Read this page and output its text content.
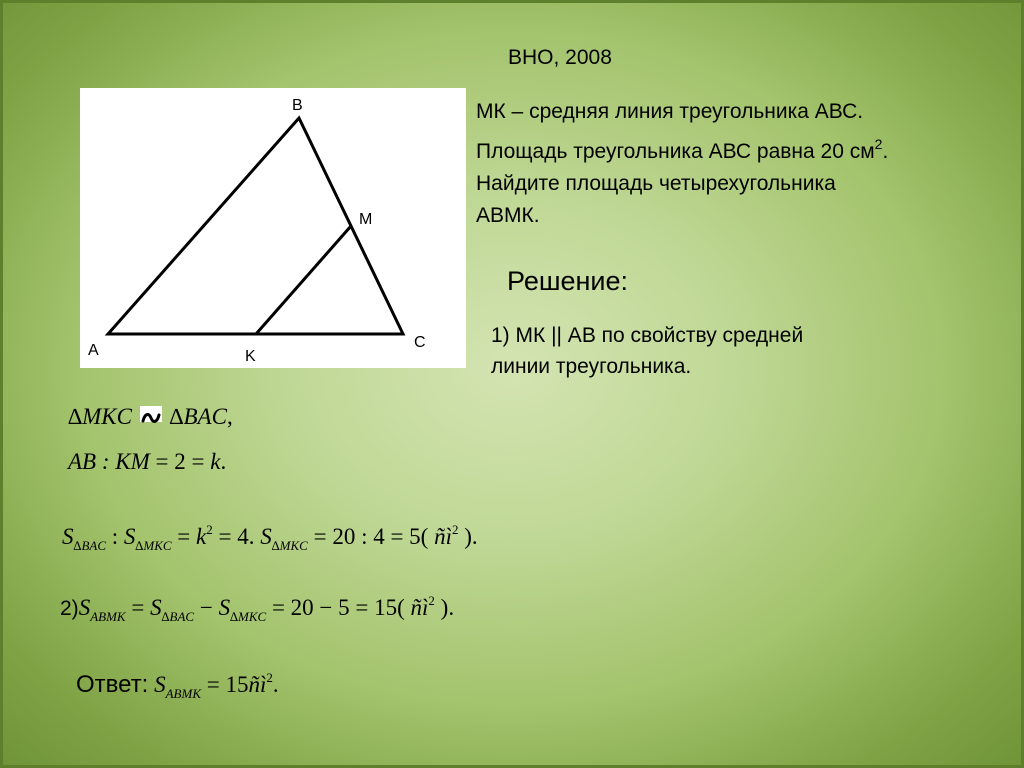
ВНО, 2008
МК – средняя линия треугольника АВС.
Площадь треугольника АВС равна 20 $см^2$.
Найдите площадь четырехугольника
АВМК.
B
A	C
M
K
Решение:
1) МК || АВ по свойству средней
линии треугольника.
∆MKC ∆BAC,
AB : KM = 2 = k.
$S_{\Delta BAC}$ : $S_{\Delta MKC} = k^2 = 4$. $S_{\Delta MKC} = 20$ : 4 = 5( $ñì^2$ ).
$2)S_{ABMK} = S_{\Delta BAC} - S_{\Delta MKC} = 20 - 5 = 15$( $ñì^2$ ).
Ответ: $S_{ABMK}$ = $15ñì^2$.
